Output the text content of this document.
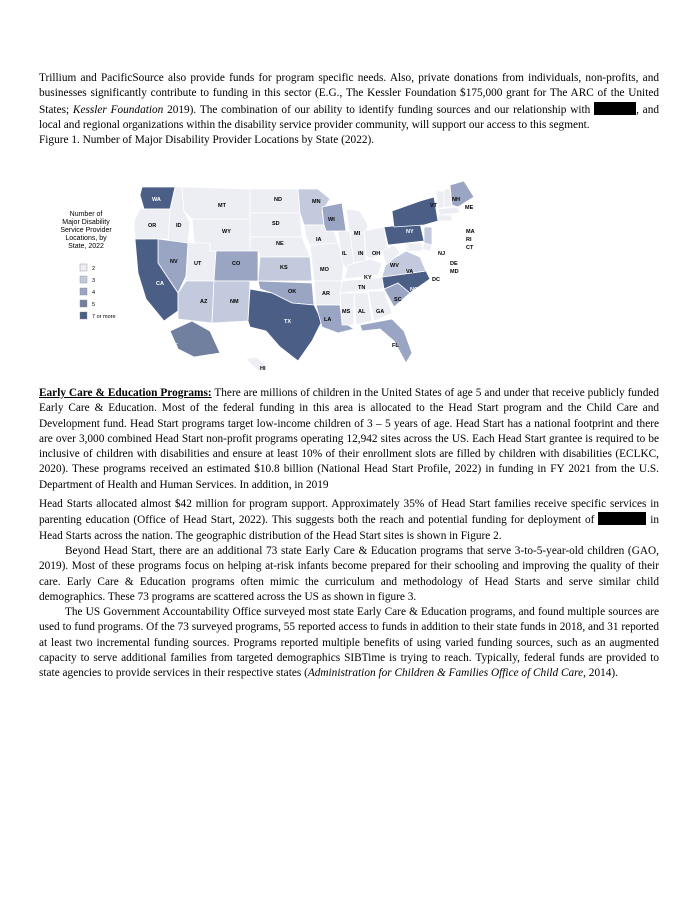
Trillium and PacificSource also provide funds for program specific needs. Also, private donations from individuals, non-profits, and businesses significantly contribute to funding in this sector (E.G., The Kessler Foundation $175,000 grant for The ARC of the United States; Kessler Foundation 2019). The combination of our ability to identify funding sources and our relationship with	, and local and regional organizations within the disability service provider community, will support our access to this segment.

Figure 1. Number of Major Disability Provider Locations by State (2022).

2
3
4
5
7 or more
WA
MT
ND	MN
VT
NH
ME
OR	ID	SD
WI
MI	NY	MA
RI
CT
WY
NE
IA
PA
NJ
DE
MD
NV	UT	CO
KS	MO
IL IN OH
WV
VA
DC
CA
KY
NC
AZ	NM
OK	AR
TN
SC
TX	LA
MS AL GA
FL
AK
HI
Number of Major Disability Service Provider Locations, by State, 2022

Early Care & Education Programs: There are millions of children in the United States of age 5 and under that receive publicly funded Early Care & Education. Most of the federal funding in this area is allocated to the Head Start program and the Child Care and Development fund. Head Start programs target low-income children of 3 – 5 years of age. Head Start has a national footprint and there are over 3,000 combined Head Start non-profit programs operating 12,942 sites across the US. Each Head Start grantee is required to be inclusive of children with disabilities and ensure at least 10% of their enrollment slots are filled by children with disabilities (ECLKC, 2020). These programs received an estimated $10.8 billion (National Head Start Profile, 2022) in funding in FY 2021 from the U.S. Department of Health and Human Services. In addition, in 2019

Head Starts allocated almost $42 million for program support. Approximately 35% of Head Start families receive specific services in parenting education (Office of Head Start, 2022). This suggests both the reach and potential funding for deployment of	in Head Starts across the nation. The geographic distribution of the Head Start sites is shown in Figure 2.

Beyond Head Start, there are an additional 73 state Early Care & Education programs that serve 3-to-5-year-old children (GAO, 2019). Most of these programs focus on helping at-risk infants become prepared for their schooling and improving the quality of their care. Early Care & Education programs often mimic the curriculum and methodology of Head Starts and serve similar child demographics. These 73 programs are scattered across the US as shown in figure 3.

The US Government Accountability Office surveyed most state Early Care & Education programs, and found multiple sources are used to fund programs. Of the 73 surveyed programs, 55 reported access to funds in addition to their state funds in 2018, and 31 reported at least two incremental funding sources. Programs reported multiple benefits of using varied funding sources, such as an augmented capacity to serve additional families from targeted demographics SIBTime is trying to reach. Typically, federal funds are provided to state agencies to provide services in their respective states (Administration for Children & Families Office of Child Care, 2014).
